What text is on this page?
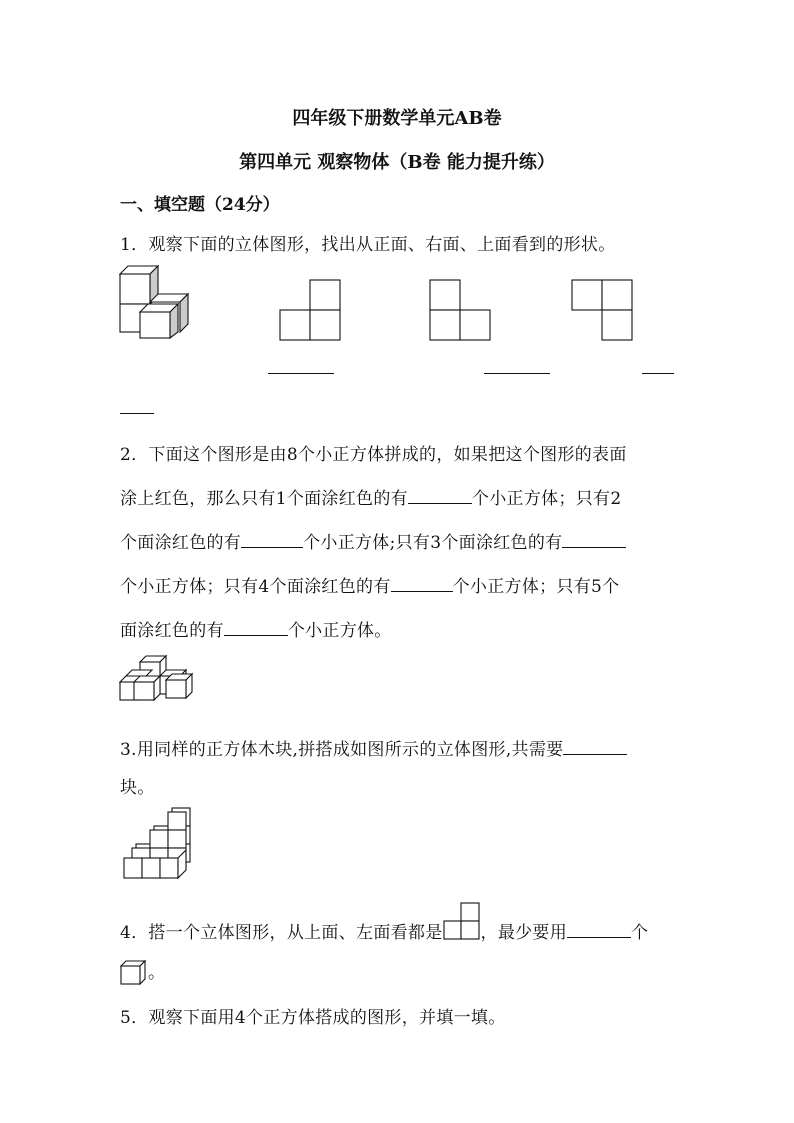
四年级下册数学单元AB卷
第四单元 观察物体（B卷 能力提升练）
一、填空题（24分）
1．观察下面的立体图形，找出从正面、右面、上面看到的形状。
2．下面这个图形是由8个小正方体拼成的，如果把这个图形的表面
涂上红色，那么只有1个面涂红色的有	个小正方体；只有2
个面涂红色的有	个小正方体;只有3个面涂红色的有
个小正方体；只有4个面涂红色的有	个小正方体；只有5个
面涂红色的有	个小正方体。
3.用同样的正方体木块,拼搭成如图所示的立体图形,共需要
块。
4．搭一个立体图形，从上面、左面看都是 ，最少要用	个
。
5．观察下面用4个正方体搭成的图形，并填一填。
